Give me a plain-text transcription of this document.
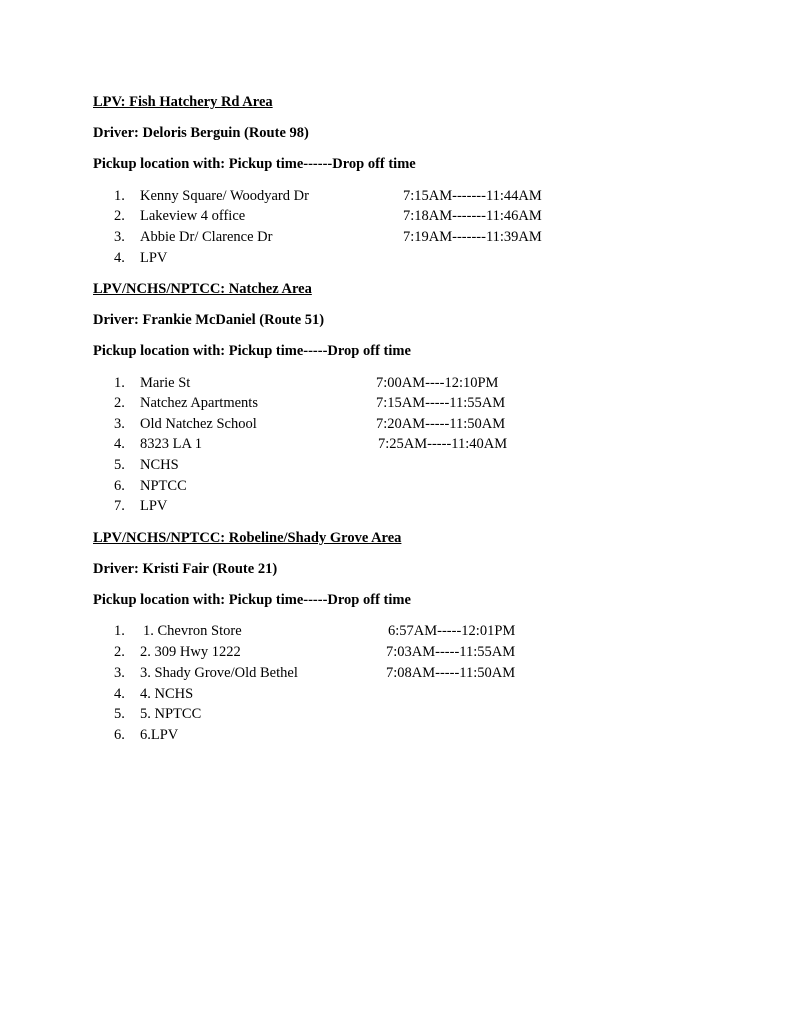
LPV: Fish Hatchery Rd Area
Driver: Deloris Berguin (Route 98)
Pickup location with: Pickup time------Drop off time
1.	Kenny Square/ Woodyard Dr	7:15AM-------11:44AM
2.	Lakeview 4 office	7:18AM-------11:46AM
3.	Abbie Dr/ Clarence Dr	7:19AM-------11:39AM
4.	LPV
LPV/NCHS/NPTCC: Natchez Area
Driver: Frankie McDaniel (Route 51)
Pickup location with: Pickup time-----Drop off time
1.	Marie St	7:00AM----12:10PM
2.	Natchez Apartments	7:15AM-----11:55AM
3.	Old Natchez School	7:20AM-----11:50AM
4.	8323 LA 1	7:25AM-----11:40AM
5.	NCHS
6.	NPTCC
7.	LPV
LPV/NCHS/NPTCC: Robeline/Shady Grove Area
Driver: Kristi Fair (Route 21)
Pickup location with: Pickup time-----Drop off time
1.	1. Chevron Store	6:57AM-----12:01PM
2.	2. 309 Hwy 1222	7:03AM-----11:55AM
3.	3. Shady Grove/Old Bethel	7:08AM-----11:50AM
4.	4. NCHS
5.	5. NPTCC
6.	6.LPV
